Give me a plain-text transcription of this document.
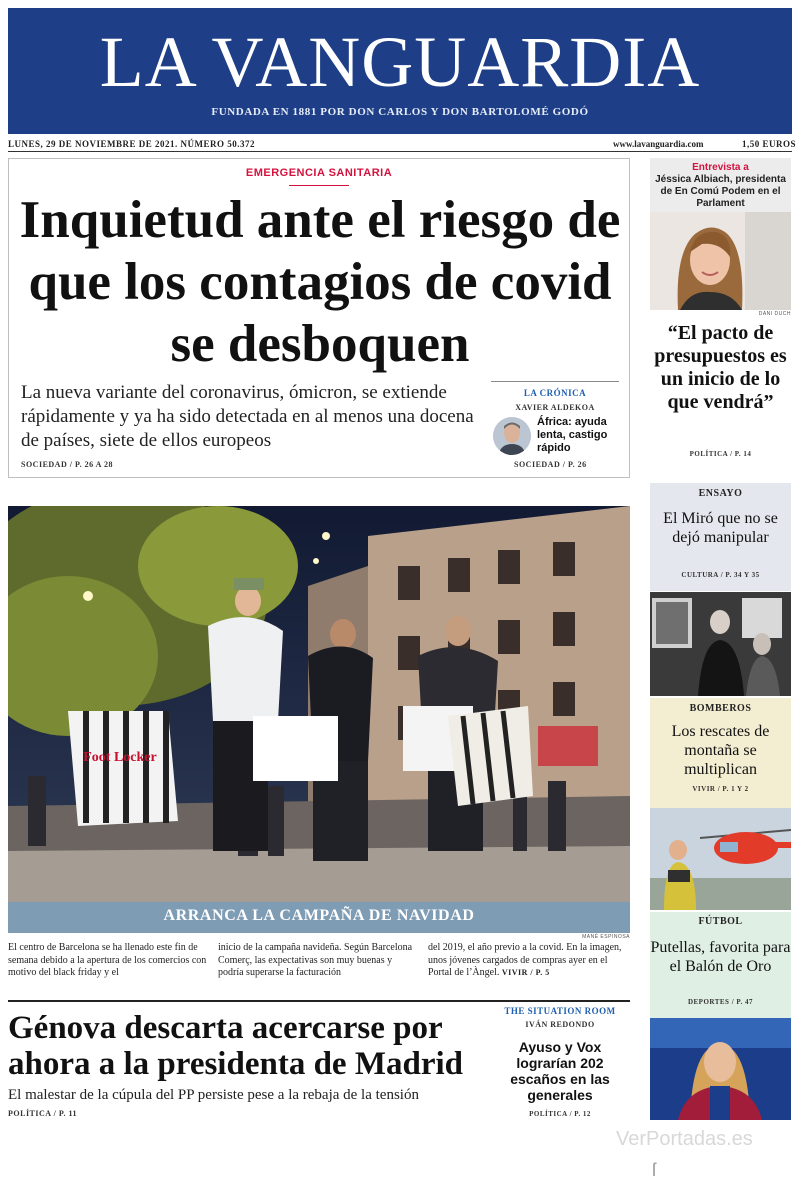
LA VANGUARDIA
FUNDADA EN 1881 POR DON CARLOS Y DON BARTOLOMÉ GODÓ
LUNES, 29 DE NOVIEMBRE DE 2021. NÚMERO 50.372	www.lavanguardia.com	1,50 EUROS
EMERGENCIA SANITARIA
Inquietud ante el riesgo de que los contagios de covid se desboquen
La nueva variante del coronavirus, ómicron, se extiende rápidamente y ya ha sido detectada en al menos una docena de países, siete de ellos europeos
SOCIEDAD / P. 26 A 28
LA CRÓNICA
XAVIER ALDEKOA
África: ayuda lenta, castigo rápido
SOCIEDAD / P. 26
Entrevista a
Jéssica Albiach, presidenta de En Comú Podem en el Parlament
DANI DUCH
“El pacto de presupuestos es un inicio de lo que vendrá”
POLÍTICA / P. 14
ENSAYO
El Miró que no se dejó manipular
CULTURA / P. 34 Y 35
BOMBEROS
Los rescates de montaña se multiplican
VIVIR / P. 1 Y 2
FÚTBOL
Putellas, favorita para el Balón de Oro
DEPORTES / P. 47
Foot Locker
ARRANCA LA CAMPAÑA DE NAVIDAD
MANÉ ESPINOSA
El centro de Barcelona se ha llenado este fin de semana debido a la apertura de los comercios con motivo del black friday y el
inicio de la campaña navideña. Según Barcelona Comerç, las expectativas son muy buenas y podría superarse la facturación
del 2019, el año previo a la covid. En la imagen, unos jóvenes cargados de compras ayer en el Portal de l’Àngel. VIVIR / P. 5
Génova descarta acercarse por ahora a la presidenta de Madrid
El malestar de la cúpula del PP persiste pese a la rebaja de la tensión
POLÍTICA / P. 11
THE SITUATION ROOM
IVÁN REDONDO
Ayuso y Vox lograrían 202 escaños en las generales
POLÍTICA / P. 12
VerPortadas.es
ſ
